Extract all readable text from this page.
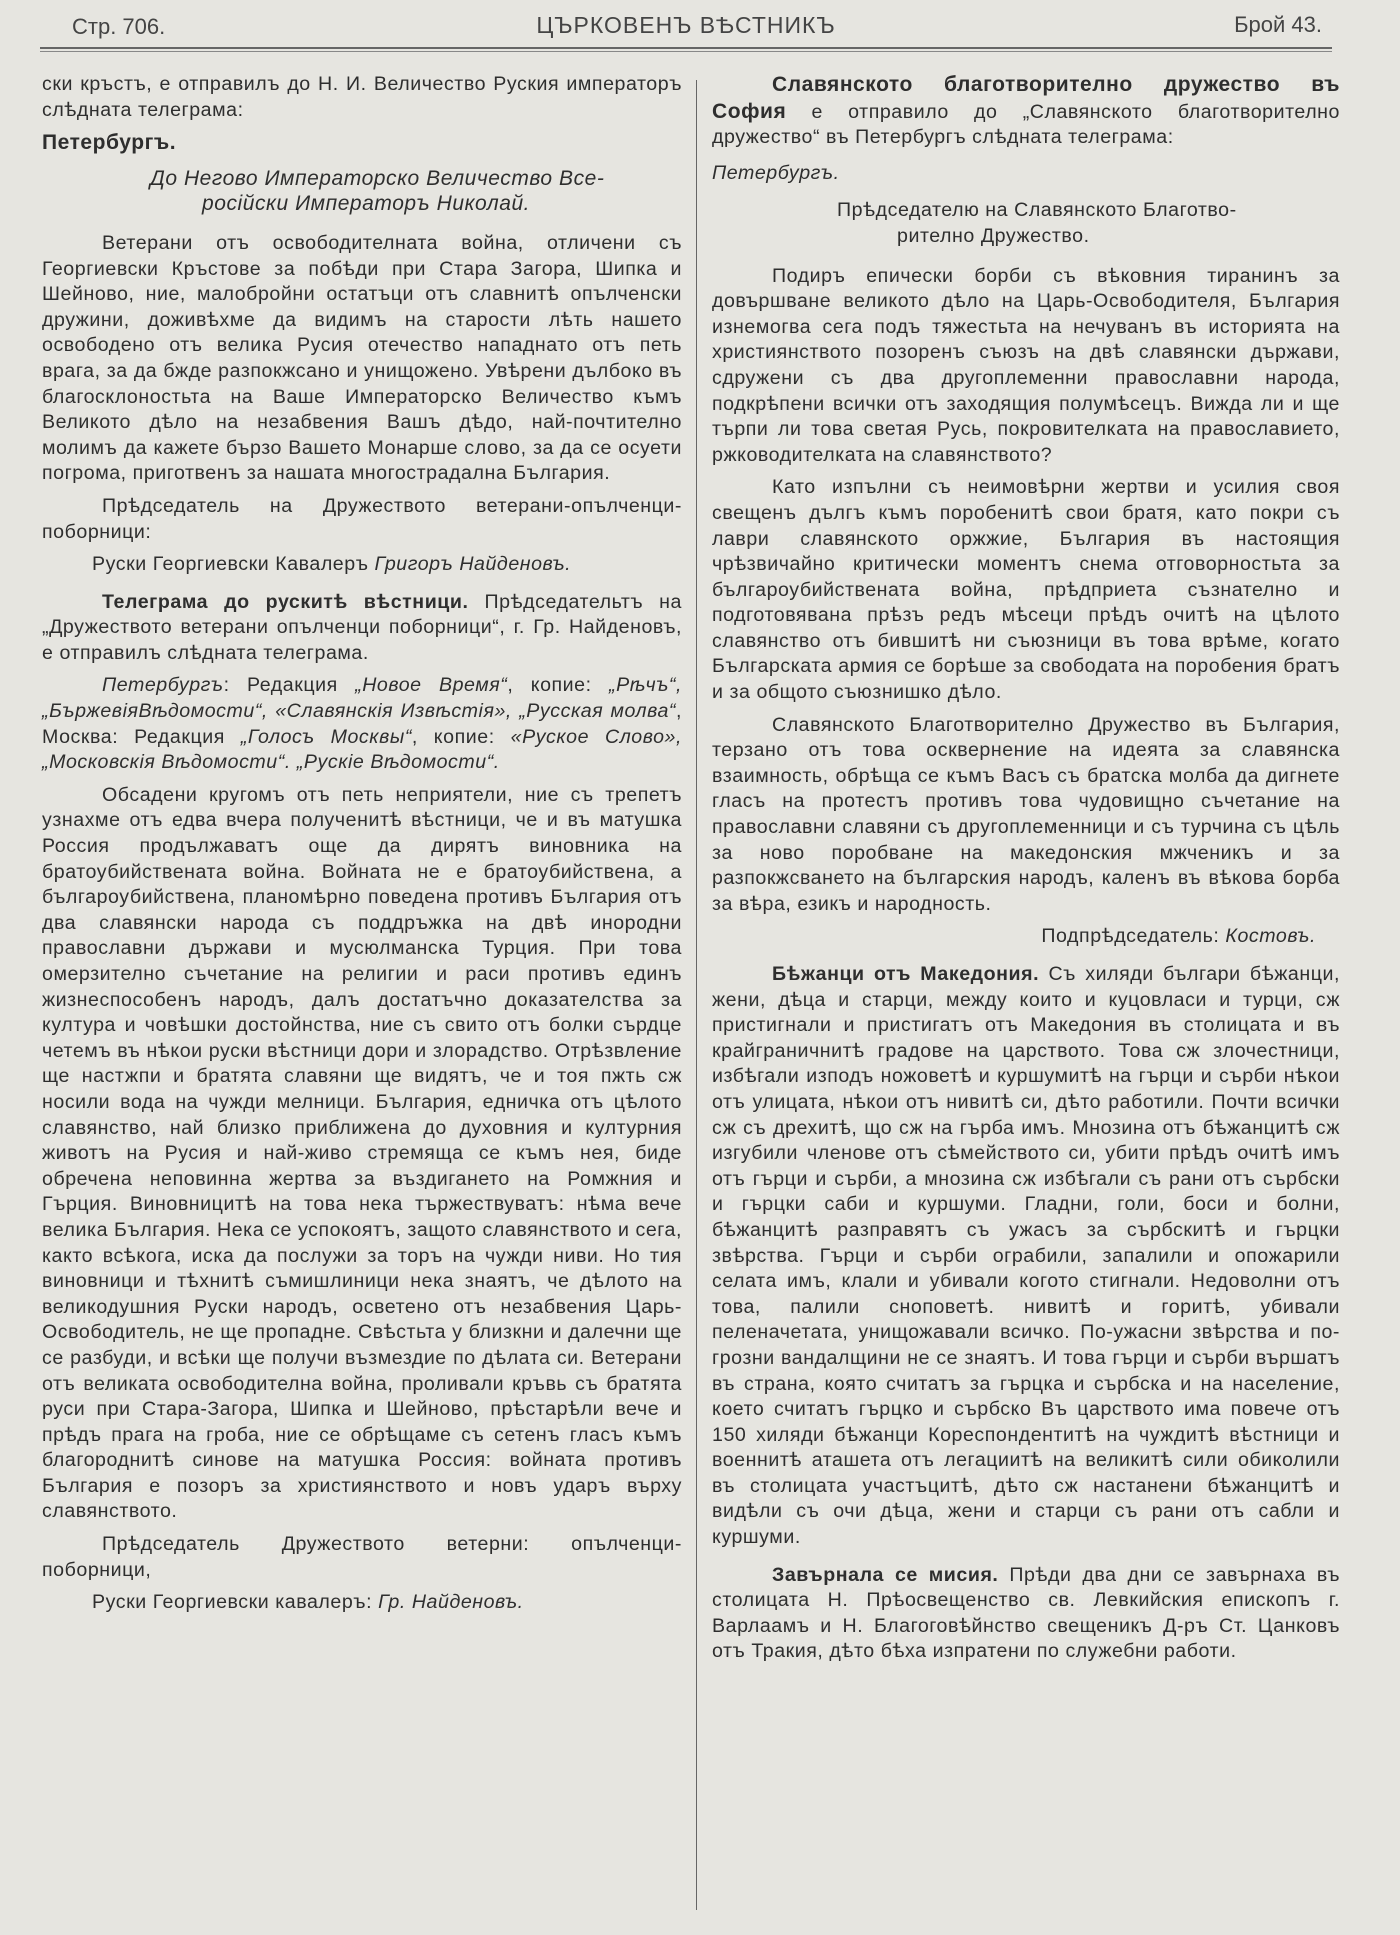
Стр. 706.	ЦЪРКОВЕНЪ ВѢСТНИКЪ	Брой 43.

ски кръстъ, е отправилъ до Н. И. Величество Руския императоръ слѣдната телеграма:

Петербургъ.
До Негово Императорско Величество Все-
росiйски Императоръ Николай.

Ветерани отъ освободителната война, отличени съ Георгиевски Кръстове за побѣди при Стара Загора, Шипка и Шейново, ние, малобройни остатъци отъ славнитѣ опълченски дружини, доживѣхме да видимъ на старости лѣть нашето освободено отъ велика Русия отечество нападнато отъ петь врага, за да бжде разпокжсано и унищожено. Увѣрени дълбоко въ благосклоностьта на Ваше Императорско Величество къмъ Великото дѣло на незабвения Вашъ дѣдо, най-почтително молимъ да кажете бързо Вашето Монарше слово, за да се осуети погрома, приготвенъ за нашата многострадална България.

Прѣдседатель на Дружеството ветерани-опълченци-поборници:

Руски Георгиевски Кавалеръ Григоръ Найденовъ.

Телеграма до рускитѣ вѣстници. Прѣдседательтъ на „Дружеството ветерани опълченци поборници“, г. Гр. Найденовъ, е отправилъ слѣдната телеграма.

Петербургъ: Редакция „Новое Время“, копие: „Рѣчъ“, „БържевiяВѣдомости“, «Славянскiя Извѣстiя», „Русская молва“, Москва: Редакция „Голосъ Москвы“, копие: «Руское Слово», „Московскiя Вѣдомости“. „Рускiе Вѣдомости“.

Обсадени кругомъ отъ петь неприятели, ние съ трепетъ узнахме отъ едва вчера полученитѣ вѣстници, че и въ матушка Россия продължаватъ още да дирятъ виновника на братоубийствената война. Войната не е братоубийствена, а българоубийствена, планомѣрно поведена противъ България отъ два славянски народа съ поддръжка на двѣ инородни православни държави и мусюлманска Турция. При това омерзително съчетание на религии и раси противъ единъ жизнеспособенъ народъ, далъ достатъчно доказателства за култура и човѣшки достойнства, ние съ свито отъ болки сърдце четемъ въ нѣкои руски вѣстници дори и злорадство. Отрѣзвление ще настжпи и братята славяни ще видятъ, че и тоя пжть сж носили вода на чужди мелници. България, едничка отъ цѣлото славянство, най близко приближена до духовния и културния животъ на Русия и най-живо стремяща се къмъ нея, биде обречена неповинна жертва за въздигането на Ромжния и Гърция. Виновницитѣ на това нека тържествуватъ: нѣма вече велика България. Нека се успокоятъ, защото славянството и сега, както всѣкога, иска да послужи за торъ на чужди ниви. Но тия виновници и тѣхнитѣ съмишлиници нека знаятъ, че дѣлото на великодушния Руски народъ, осветено отъ незабвения Царь-Освободитель, не ще пропадне. Свѣстьта у близкни и далечни ще се разбуди, и всѣки ще получи възмездие по дѣлата си. Ветерани отъ великата освободителна война, проливали кръвь съ братята руси при Стара-Загора, Шипка и Шейново, прѣстарѣли вече и прѣдъ прага на гроба, ние се обрѣщаме съ сетенъ гласъ къмъ благороднитѣ синове на матушка Россия: войната противъ България е позоръ за християнството и новъ ударъ върху славянството.

Прѣдседатель Дружеството ветерни: опълченци-поборници,

Руски Георгиевски кавалеръ: Гр. Найденовъ.

Славянското благотворително дружество въ София е отправило до „Славянското благотворително дружество“ въ Петербургъ слѣдната телеграма:

Петербургъ.
Прѣдседателю на Славянското Благотво-
рително Дружество.

Подиръ епически борби съ вѣковния тиранинъ за довършване великото дѣло на Царь-Освободителя, България изнемогва сега подъ тяжестьта на нечуванъ въ историята на християнството позоренъ съюзъ на двѣ славянски държави, сдружени съ два другоплеменни православни народа, подкрѣпени всички отъ заходящия полумѣсецъ. Вижда ли и ще търпи ли това светая Русь, покровителката на православието, ржководителката на славянството?

Като изпълни съ неимовѣрни жертви и усилия своя свещенъ дългъ къмъ поробенитѣ свои братя, като покри съ лаври славянското оржжие, България въ настоящия чрѣзвичайно критически моментъ снема отговорностьта за българоубийствената война, прѣдприета съзнателно и подготовявана прѣзъ редъ мѣсеци прѣдъ очитѣ на цѣлото славянство отъ бившитѣ ни съюзници въ това врѣме, когато Българската армия се борѣше за свободата на поробения братъ и за общото съюзнишко дѣло.

Славянското Благотворително Дружество въ България, терзано отъ това осквернение на идеята за славянска взаимность, обрѣща се къмъ Васъ съ братска молба да дигнете гласъ на протестъ противъ това чудовищно съчетание на православни славяни съ другоплеменници и съ турчина съ цѣль за ново поробване на македонския мжченикъ и за разпокжсването на българския народъ, каленъ въ вѣкова борба за вѣра, езикъ и народность.

Подпрѣдседатель: Костовъ.

Бѣжанци отъ Македония. Съ хиляди българи бѣжанци, жени, дѣца и старци, между които и куцовласи и турци, сж пристигнали и пристигатъ отъ Македония въ столицата и въ крайграничнитѣ градове на царството. Това сж злочестници, избѣгали изподъ ножоветѣ и куршумитѣ на гърци и сърби нѣкои отъ улицата, нѣкои отъ нивитѣ си, дѣто работили. Почти всички сж съ дрехитѣ, що сж на гърба имъ. Мнозина отъ бѣжанцитѣ сж изгубили членове отъ сѣмейството си, убити прѣдъ очитѣ имъ отъ гърци и сърби, а мнозина сж избѣгали съ рани отъ сърбски и гърцки саби и куршуми. Гладни, голи, боси и болни, бѣжанцитѣ разправятъ съ ужасъ за сърбскитѣ и гърцки звѣрства. Гърци и сърби ограбили, запалили и опожарили селата имъ, клали и убивали когото стигнали. Недоволни отъ това, палили сноповетѣ. нивитѣ и горитѣ, убивали пеленачетата, унищожавали всичко. По-ужасни звѣрства и по-грозни вандалщини не се знаятъ. И това гърци и сърби вършатъ въ страна, която считатъ за гърцка и сърбска и на население, което считатъ гърцко и сърбско Въ царството има повече отъ 150 хиляди бѣжанци Кореспондентитѣ на чуждитѣ вѣстници и военнитѣ аташета отъ легациитѣ на великитѣ сили обиколили въ столицата участъцитѣ, дѣто сж настанени бѣжанцитѣ и видѣли съ очи дѣца, жени и старци съ рани отъ сабли и куршуми.

Завърнала се мисия. Прѣди два дни се завърнаха въ столицата Н. Прѣосвещенство св. Левкийския епископъ г. Варлаамъ и Н. Благоговѣйнство свещеникъ Д-ръ Ст. Цанковъ отъ Тракия, дѣто бѣха изпратени по служебни работи.
